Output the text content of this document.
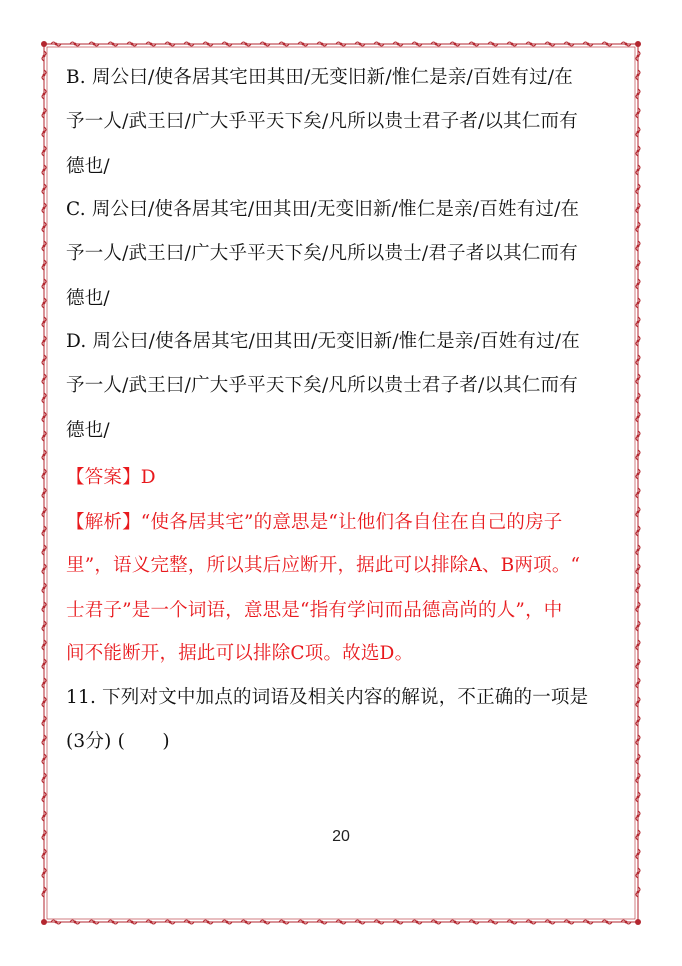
B. 周公曰/使各居其宅田其田/无变旧新/惟仁是亲/百姓有过/在
予一人/武王曰/广大乎平天下矣/凡所以贵士君子者/以其仁而有
德也/
C. 周公曰/使各居其宅/田其田/无变旧新/惟仁是亲/百姓有过/在
予一人/武王曰/广大乎平天下矣/凡所以贵士/君子者以其仁而有
德也/
D. 周公曰/使各居其宅/田其田/无变旧新/惟仁是亲/百姓有过/在
予一人/武王曰/广大乎平天下矣/凡所以贵士君子者/以其仁而有
德也/
【答案】D
【解析】“使各居其宅”的意思是“让他们各自住在自己的房子
里”，语义完整，所以其后应断开，据此可以排除A、B两项。“
士君子”是一个词语，意思是“指有学问而品德高尚的人”，中
间不能断开，据此可以排除C项。故选D。
11. 下列对文中加点的词语及相关内容的解说，不正确的一项是
(3分) (　　)
20
